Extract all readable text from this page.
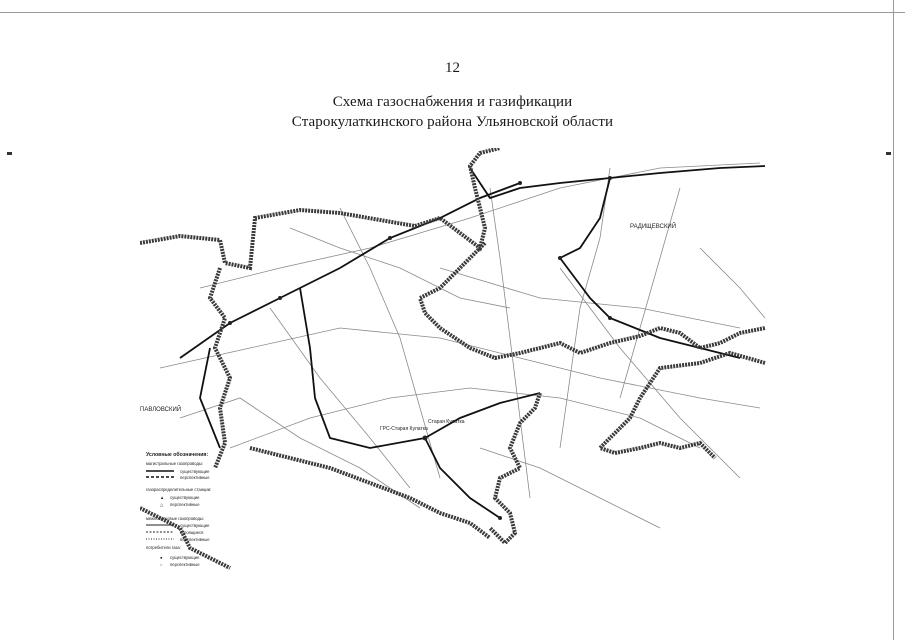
12
Схема газоснабжения и газификации
Старокулаткинского района Ульяновской области
РАДИЩЕВСКИЙ
ПАВЛОВСКИЙ
ГРС-Старая Кулатка
Старая Кулатка
Условные обозначения:
магистральные газопроводы:
существующие
перспективные
газораспределительные станции:
▲
△
существующие
перспективные
межпоселковые газопроводы:
существующие
строящиеся
перспективные
потребители газа:
●
○
существующие
перспективные
